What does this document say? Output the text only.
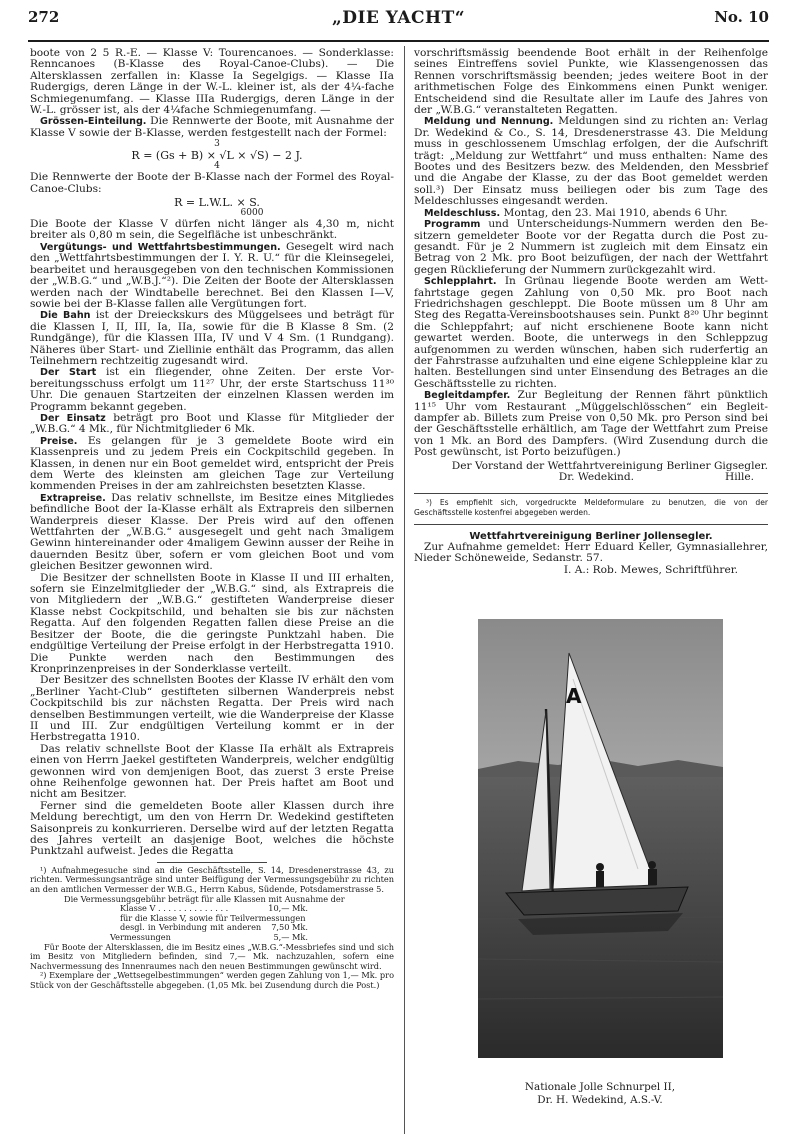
272	„DIE YACHT“	No. 10

boote von 2 5 R.-E. — Klasse V: Tourencanoes. — Sonderklasse: Renncanoes (B-Klasse des Royal-Canoe-Clubs). — Die Altersklassen zerfallen in: Klasse Ia Segelgigs. — Klasse IIa Rudergigs, deren Länge in der W.-L. kleiner ist, als der 4¼-fache Schmiegenumfang. — Klasse IIIa Rudergigs, deren Länge in der W.-L. grösser ist, als der 4¼fache Schmiegenumfang. —

Grössen-Einteilung. Die Rennwerte der Boote, mit Ausnahme der Klasse V sowie der B-Klasse, werden festgestellt nach der Formel:

3

R = (Gs + B) × √L × √S) − 2 J.

4

Die Rennwerte der Boote der B-Klasse nach der Formel des Royal-Canoe-Clubs:

R = L.W.L. × S.

6000

Die Boote der Klasse V dürfen nicht länger als 4,30 m, nicht breiter als 0,80 m sein, die Segelfläche ist unbeschränkt.

Vergütungs- und Wettfahrtsbestimmungen. Gesegelt wird nach den „Wettfahrtsbestimmungen der I. Y. R. U.“ für die Kleinsegelei, bearbeitet und herausgegeben von den technischen Kommissionen der „W.B.G.“ und „W.B.J.“²). Die Zeiten der Boote der Altersklassen werden nach der Windtabelle berechnet. Bei den Klassen I—V, sowie bei der B-Klasse fallen alle Vergütungen fort.

Die Bahn ist der Dreieckskurs des Müggelsees und beträgt für die Klassen I, II, III, Ia, IIa, sowie für die B Klasse 8 Sm. (2 Rundgänge), für die Klassen IIIa, IV und V 4 Sm. (1 Rundgang). Näheres über Start- und Ziellinie enthält das Programm, das allen Teilnehmern rechtzeitig zugesandt wird.

Der Start ist ein fliegender, ohne Zeiten. Der erste Vorbereitungsschuss erfolgt um 11²⁷ Uhr, der erste Startschuss 11³⁰ Uhr. Die genauen Startzeiten der einzelnen Klassen werden im Programm bekannt gegeben.

Der Einsatz beträgt pro Boot und Klasse für Mitglieder der „W.B.G.“ 4 Mk., für Nichtmitglieder 6 Mk.

Preise. Es gelangen für je 3 gemeldete Boote wird ein Klassenpreis und zu jedem Preis ein Cockpitschild gegeben. In Klassen, in denen nur ein Boot gemeldet wird, entspricht der Preis dem Werte des kleinsten am gleichen Tage zur Verteilung kommenden Preises in der am zahlreichsten besetzten Klasse.

Extrapreise. Das relativ schnellste, im Besitze eines Mitgliedes befindliche Boot der Ia-Klasse erhält als Extrapreis den silbernen Wanderpreis dieser Klasse. Der Preis wird auf den offenen Wettfahrten der „W.B.G.“ ausgesegelt und geht nach 3maligem Gewinn hintereinander oder 4maligem Gewinn ausser der Reihe in dauernden Besitz über, sofern er vom gleichen Boot und vom gleichen Besitzer gewonnen wird.

Die Besitzer der schnellsten Boote in Klasse II und III erhalten, sofern sie Einzelmitglieder der „W.B.G.“ sind, als Extrapreis die von Mitgliedern der „W.B.G.“ gestifteten Wanderpreise dieser Klasse nebst Cockpitschild, und behalten sie bis zur nächsten Regatta. Auf den folgenden Regatten fallen diese Preise an die Besitzer der Boote, die die geringste Punktzahl haben. Die endgültige Verteilung der Preise erfolgt in der Herbstregatta 1910. Die Punkte werden nach den Bestimmungen des Kronprinzenpreises in der Sonderklasse verteilt.

Der Besitzer des schnellsten Bootes der Klasse IV erhält den vom „Berliner Yacht-Club“ gestifteten silbernen Wanderpreis nebst Cockpitschild bis zur nächsten Regatta. Der Preis wird nach denselben Bestimmungen verteilt, wie die Wanderpreise der Klasse II und III. Zur endgültigen Verteilung kommt er in der Herbstregatta 1910.

Das relativ schnellste Boot der Klasse IIa erhält als Extrapreis einen von Herrn Jaekel gestifteten Wanderpreis, welcher endgültig gewonnen wird von demjenigen Boot, das zuerst 3 erste Preise ohne Reihenfolge gewonnen hat. Der Preis haftet am Boot und nicht am Besitzer.

Ferner sind die gemeldeten Boote aller Klassen durch ihre Meldung berechtigt, um den von Herrn Dr. Wedekind gestifteten Saisonpreis zu konkurrieren. Derselbe wird auf der letzten Regatta des Jahres verteilt an dasjenige Boot, welches die höchste Punktzahl aufweist. Jedes die Regatta

¹) Aufnahmegesuche sind an die Geschäftsstelle, S. 14, Dresdenerstrasse 43, zu richten. Vermessungsanträge sind unter Beifügung der Vermessungsgebühr zu richten an den amtlichen Vermesser der W.B.G., Herrn Kabus, Südende, Potsdamerstrasse 5.

Die Vermessungsgebühr beträgt für alle Klassen mit Ausnahme der

Klasse V . . . . . . . . . . . . . .	10,— Mk.

für die Klasse V, sowie für Teilvermessungen
7,50 Mk.

desgl. in Verbindung mit anderen Vermessungen	5,— Mk.

Für Boote der Altersklassen, die im Besitz eines „W.B.G.“-Messbriefes sind und sich im Besitz von Mitgliedern befinden, sind 7,— Mk. nachzuzahlen, sofern eine Nachvermessung des Innenraumes nach den neuen Bestimmungen gewünscht wird.

²) Exemplare der „Wettsegelbestimmungen“ werden gegen Zahlung von 1,— Mk. pro Stück von der Geschäftsstelle abgegeben. (1,05 Mk. bei Zusendung durch die Post.)

vorschriftsmässig beendende Boot erhält in der Reihenfolge seines Eintreffens soviel Punkte, wie Klassengenossen das Rennen vorschriftsmässig beenden; jedes weitere Boot in der arithmetischen Folge des Einkommens einen Punkt weniger. Entscheidend sind die Resultate aller im Laufe des Jahres von der „W.B.G.“ veranstalteten Regatten.

Meldung und Nennung. Meldungen sind zu richten an: Verlag Dr. Wedekind & Co., S. 14, Dresdenerstrasse 43. Die Meldung muss in geschlossenem Umschlag erfolgen, der die Aufschrift trägt: „Meldung zur Wettfahrt“ und muss enthalten: Name des Bootes und des Besitzers bezw. des Meldenden, den Messbrief und die Angabe der Klasse, zu der das Boot gemeldet werden soll.³) Der Einsatz muss beiliegen oder bis zum Tage des Meldeschlusses eingesandt werden.

Meldeschluss. Montag, den 23. Mai 1910, abends 6 Uhr.

Programm und Unterscheidungs-Nummern werden den Besitzern gemeldeter Boote vor der Regatta durch die Post zugesandt. Für je 2 Nummern ist zugleich mit dem Einsatz ein Betrag von 2 Mk. pro Boot beizufügen, der nach der Wettfahrt gegen Rücklieferung der Nummern zurückgezahlt wird.

Schlepplahrt. In Grünau liegende Boote werden am Wettfahrtstage gegen Zahlung von 0,50 Mk. pro Boot nach Friedrichshagen geschleppt. Die Boote müssen um 8 Uhr am Steg des Regatta-Vereinsbootshauses sein. Punkt 8²⁰ Uhr beginnt die Schleppfahrt; auf nicht erschienene Boote kann nicht gewartet werden. Boote, die unterwegs in den Schleppzug aufgenommen zu werden wünschen, haben sich ruderfertig an der Fahrstrasse aufzuhalten und eine eigene Schleppleine klar zu halten. Bestellungen sind unter Einsendung des Betrages an die Geschäftsstelle zu richten.

Begleitdampfer. Zur Begleitung der Rennen fährt pünktlich 11¹⁵ Uhr vom Restaurant „Müggelschlösschen“ ein Begleitdampfer ab. Billets zum Preise von 0,50 Mk. pro Person sind bei der Geschäftsstelle erhältlich, am Tage der Wettfahrt zum Preise von 1 Mk. an Bord des Dampfers. (Wird Zusendung durch die Post gewünscht, ist Porto beizufügen.)

Der Vorstand der Wettfahrtvereinigung Berliner Gigsegler.

Dr. Wedekind.	Hille.

³) Es empfiehlt sich, vorgedruckte Meldeformulare zu benutzen, die von der Geschäftsstelle kostenfrei abgegeben werden.

Wettfahrtvereinigung Berliner Jollensegler.

Zur Aufnahme gemeldet: Herr Eduard Keller, Gymnasiallehrer, Nieder Schöneweide, Sedanstr. 57.

I. A.: Rob. Mewes, Schriftführer.

A

Nationale Jolle Schnurpel II,

Dr. H. Wedekind, A.S.-V.
